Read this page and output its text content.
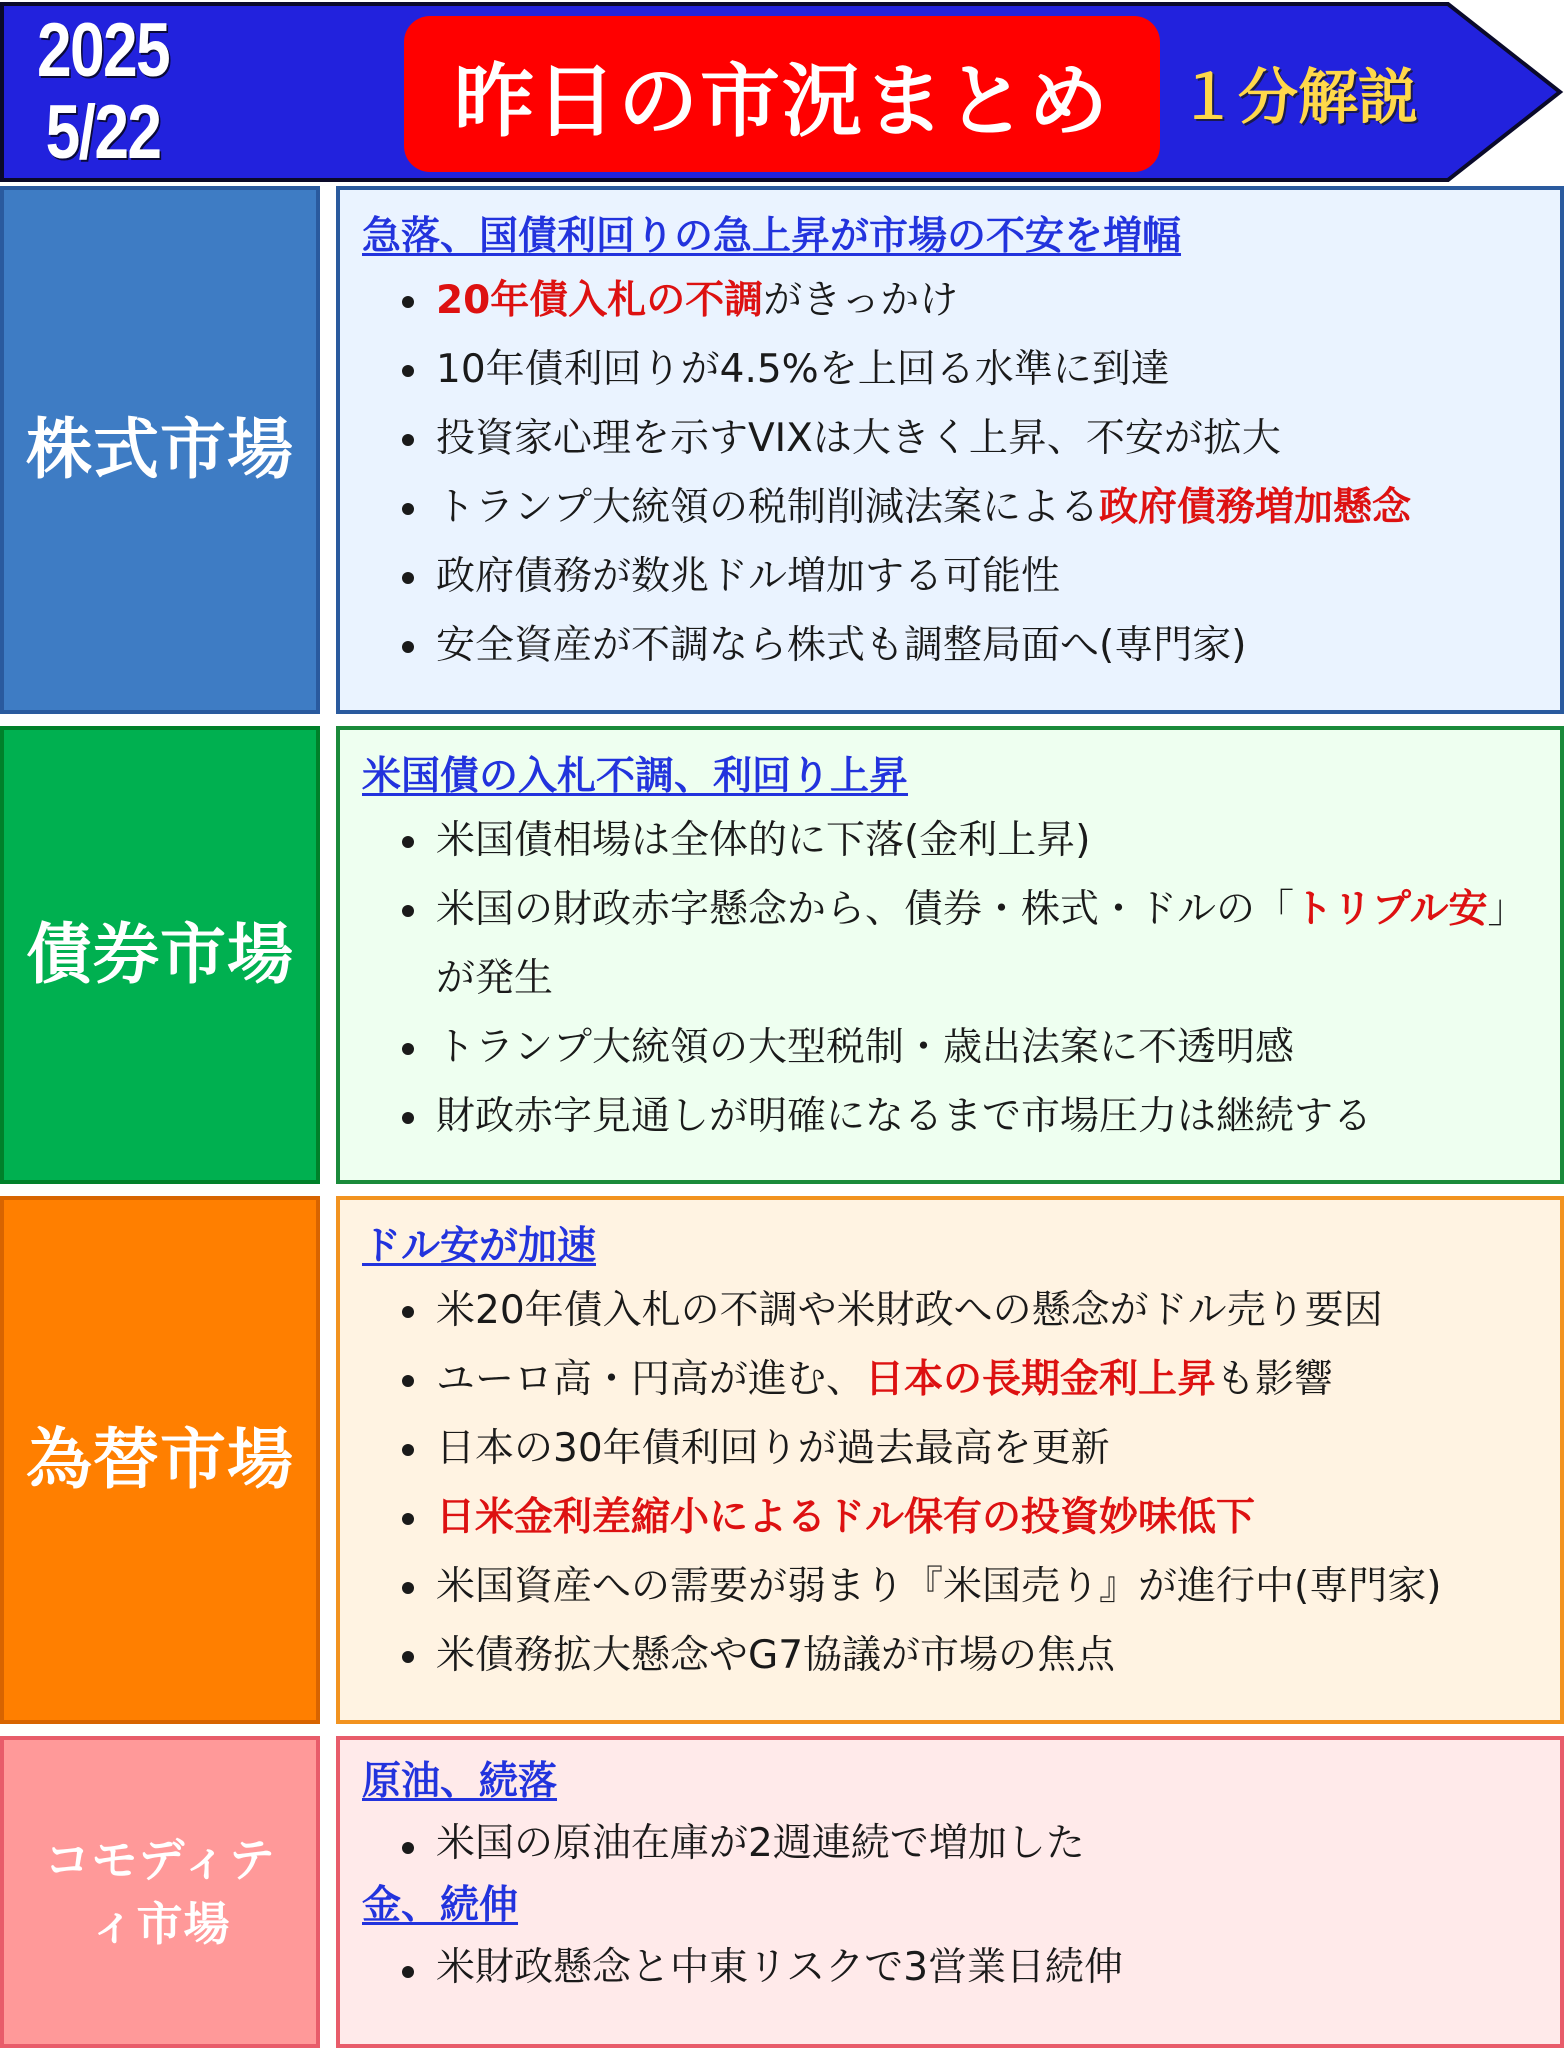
2025
5/22	昨日の市況まとめ １分解説
株式市場

急落、国債利回りの急上昇が市場の不安を増幅

20年債入札の不調がきっかけ
10年債利回りが4.5%を上回る水準に到達
投資家心理を示すVIXは大きく上昇、不安が拡大
トランプ大統領の税制削減法案による政府債務増加懸念
政府債務が数兆ドル増加する可能性
安全資産が不調なら株式も調整局面へ(専門家)
債券市場

米国債の入札不調、利回り上昇

米国債相場は全体的に下落(金利上昇)
米国の財政赤字懸念から、債券・株式・ドルの「トリプル安」が発生
トランプ大統領の大型税制・歳出法案に不透明感
財政赤字見通しが明確になるまで市場圧力は継続する
為替市場

ドル安が加速

米20年債入札の不調や米財政への懸念がドル売り要因
ユーロ高・円高が進む、日本の長期金利上昇も影響
日本の30年債利回りが過去最高を更新
日米金利差縮小によるドル保有の投資妙味低下
米国資産への需要が弱まり『米国売り』が進行中(専門家)
米債務拡大懸念やG7協議が市場の焦点
コモディテ
ィ市場

原油、続落

米国の原油在庫が2週連続で増加した

金、続伸

米財政懸念と中東リスクで3営業日続伸
